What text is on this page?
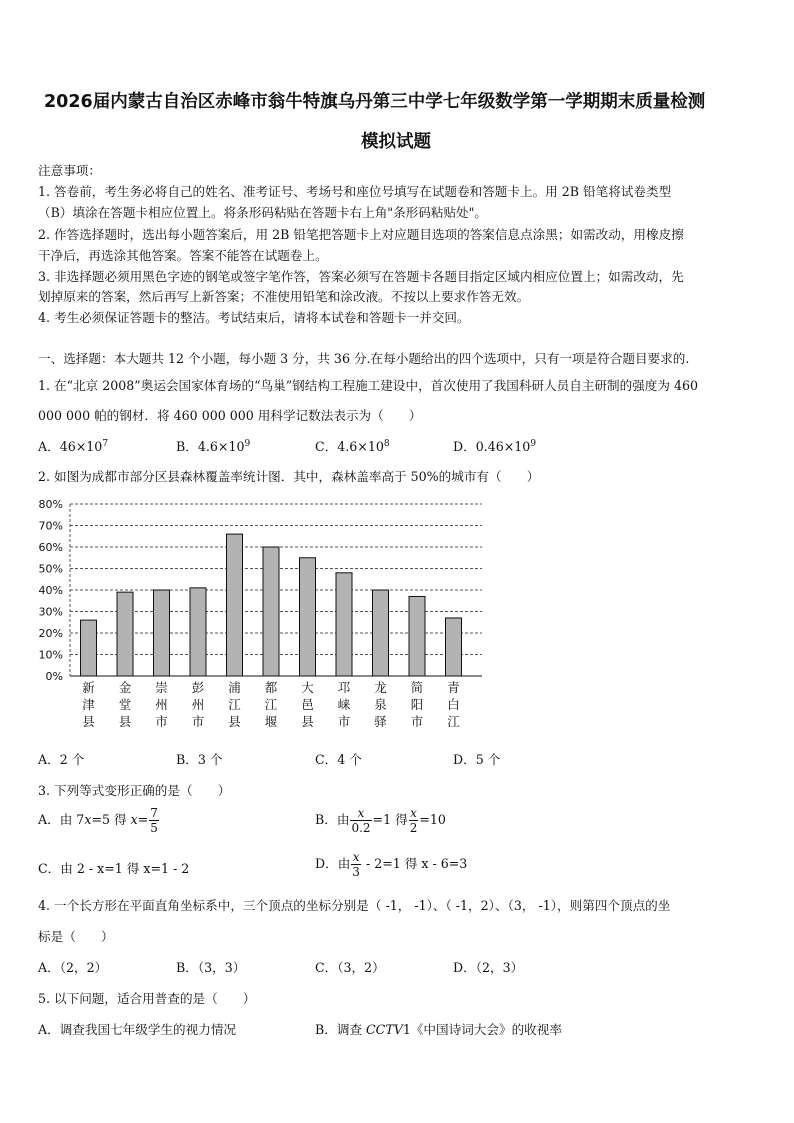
2026届内蒙古自治区赤峰市翁牛特旗乌丹第三中学七年级数学第一学期期末质量检测
模拟试题
注意事项：
1. 答卷前，考生务必将自己的姓名、准考证号、考场号和座位号填写在试题卷和答题卡上。用 2B 铅笔将试卷类型
（B）填涂在答题卡相应位置上。将条形码粘贴在答题卡右上角"条形码粘贴处"。
2. 作答选择题时，选出每小题答案后，用 2B 铅笔把答题卡上对应题目选项的答案信息点涂黑；如需改动，用橡皮擦
干净后，再选涂其他答案。答案不能答在试题卷上。
3. 非选择题必须用黑色字迹的钢笔或签字笔作答，答案必须写在答题卡各题目指定区域内相应位置上；如需改动，先
划掉原来的答案，然后再写上新答案；不准使用铅笔和涂改液。不按以上要求作答无效。
4. 考生必须保证答题卡的整洁。考试结束后，请将本试卷和答题卡一并交回。
一、选择题：本大题共 12 个小题，每小题 3 分，共 36 分.在每小题给出的四个选项中，只有一项是符合题目要求的.
1. 在“北京 2008”奥运会国家体育场的“鸟巢”钢结构工程施工建设中，首次使用了我国科研人员自主研制的强度为 460
000 000 帕的钢材．将 460 000 000 用科学记数法表示为（　　）
A．$46\times 10^7$	B．$4.6\times 10^9$	C．$4.6\times 10^8$	D．$0.46\times 10^9$
2. 如图为成都市部分区县森林覆盖率统计图．其中，森林盖率高于 50%的城市有（　　）
0%
10%
20%
30%
40%
50%
60%
70%
80%
新津县
金堂县
崇州市
彭州市
浦江县
都江堰
大邑县
邛崃市
龙泉驿
简阳市
青白江
A．2 个	B．3 个	C．4 个	D．5 个
3. 下列等式变形正确的是（　　）
A．由 7x=5 得 $x= \frac{7}{5}$	B．由 $\frac{x}{0.2} =1$ 得 $\frac{x}{2} =10$
C．由 2 - x=1 得 x=1 - 2	D．由 $\frac{x}{3} - 2=1$ 得 x - 6=3
4. 一个长方形在平面直角坐标系中，三个顶点的坐标分别是（ -1， -1）、（ -1，2）、（3， -1），则第四个顶点的坐
标是（　　）
A．（2，2）	B．（3，3）	C．（3，2）	D．（2，3）
5. 以下问题，适合用普查的是（　　）
A．调查我国七年级学生的视力情况	B．调查 CCTV1《中国诗词大会》的收视率
